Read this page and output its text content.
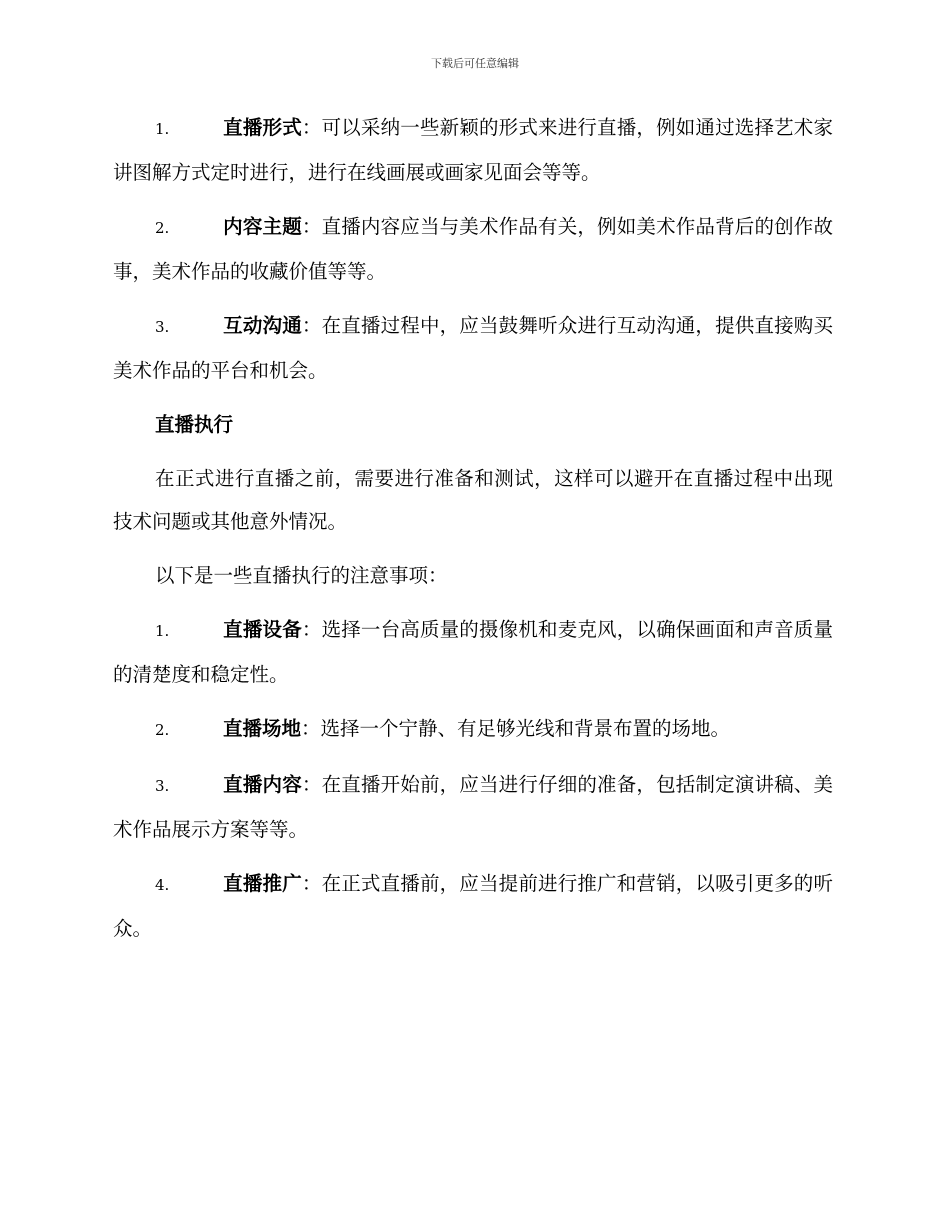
下载后可任意编辑

1.	直播形式：可以采纳一些新颖的形式来进行直播，例如通过选择艺术家讲图解方式定时进行，进行在线画展或画家见面会等等。

2.	内容主题：直播内容应当与美术作品有关，例如美术作品背后的创作故事，美术作品的收藏价值等等。

3.	互动沟通：在直播过程中，应当鼓舞听众进行互动沟通，提供直接购买美术作品的平台和机会。

直播执行

在正式进行直播之前，需要进行准备和测试，这样可以避开在直播过程中出现技术问题或其他意外情况。

以下是一些直播执行的注意事项：

1.	直播设备：选择一台高质量的摄像机和麦克风，以确保画面和声音质量的清楚度和稳定性。

2.	直播场地：选择一个宁静、有足够光线和背景布置的场地。

3.	直播内容：在直播开始前，应当进行仔细的准备，包括制定演讲稿、美术作品展示方案等等。

4.	直播推广：在正式直播前，应当提前进行推广和营销，以吸引更多的听众。
